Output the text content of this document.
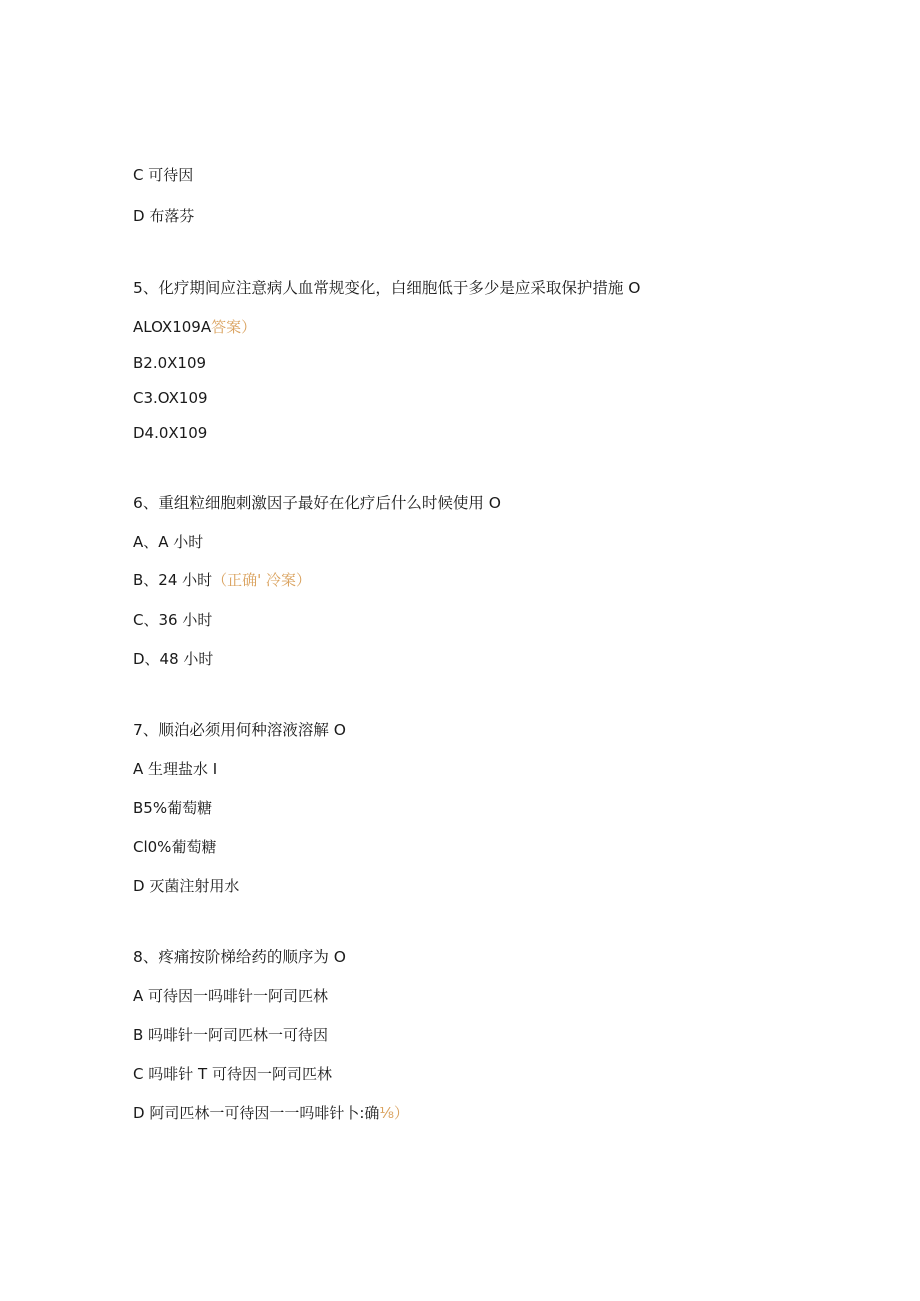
C 可待因
D 布落芬
5、化疗期间应注意病人血常规变化，白细胞低于多少是应采取保护措施 O
ALOX109A答案）
B2.0X109
C3.OX109
D4.0X109
6、重组粒细胞刺激因子最好在化疗后什么时候使用 O
A、A 小时
B、24 小时（正确' 冷案）
C、36 小时
D、48 小时
7、顺泊必须用何种溶液溶解 O
A 生理盐水 I
B5%葡萄糖
Cl0%葡萄糖
D 灭菌注射用水
8、疼痛按阶梯给药的顺序为 O
A 可待因一吗啡针一阿司匹林
B 吗啡针一阿司匹林一可待因
C 吗啡针 T 可待因一阿司匹林
D 阿司匹林一可待因一一吗啡针卜:确⅛）
